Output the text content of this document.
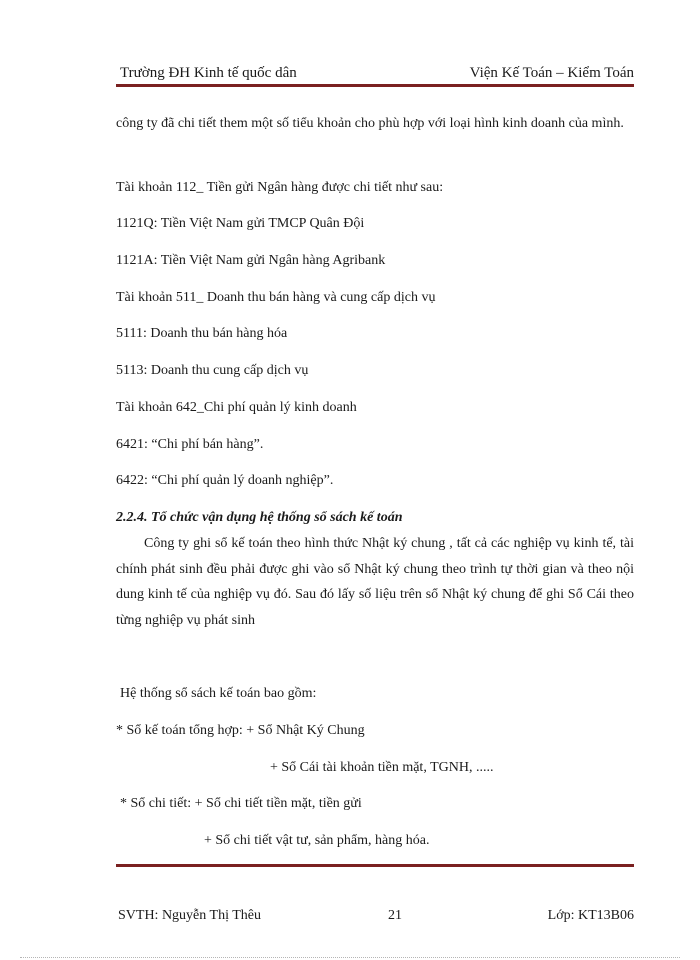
Trường ĐH Kinh tế quốc dân	Viện Kế Toán – Kiểm Toán
công ty đã chi tiết them một số tiểu khoản cho phù hợp với loại hình kinh doanh của mình.
Tài khoản 112_ Tiền gửi Ngân hàng được chi tiết như sau:
1121Q: Tiền Việt Nam gửi TMCP Quân Đội
1121A: Tiền Việt Nam gửi Ngân hàng Agribank
Tài khoản 511_ Doanh thu bán hàng và cung cấp dịch vụ
5111: Doanh thu bán hàng hóa
5113: Doanh thu cung cấp dịch vụ
Tài khoản 642_Chi phí quản lý kinh doanh
6421: “Chi phí bán hàng”.
6422: “Chi phí quản lý doanh nghiệp”.
2.2.4. Tổ chức vận dụng hệ thống sổ sách kế toán
Công ty ghi sổ kế toán theo hình thức Nhật ký chung , tất cả các nghiệp vụ kinh tế, tài chính phát sinh đều phải được ghi vào sổ Nhật ký chung theo trình tự thời gian và theo nội dung kinh tế của nghiệp vụ đó. Sau đó lấy số liệu trên sổ Nhật ký chung để ghi Sổ Cái theo từng nghiệp vụ phát sinh
Hệ thống sổ sách kế toán bao gồm:
* Sổ kế toán tổng hợp: + Sổ Nhật Ký Chung
+ Sổ Cái tài khoản tiền mặt, TGNH, .....
* Sổ chi tiết: + Sổ chi tiết tiền mặt, tiền gửi
+ Sổ chi tiết vật tư, sản phẩm, hàng hóa.
SVTH: Nguyễn Thị Thêu	21	Lớp: KT13B06
